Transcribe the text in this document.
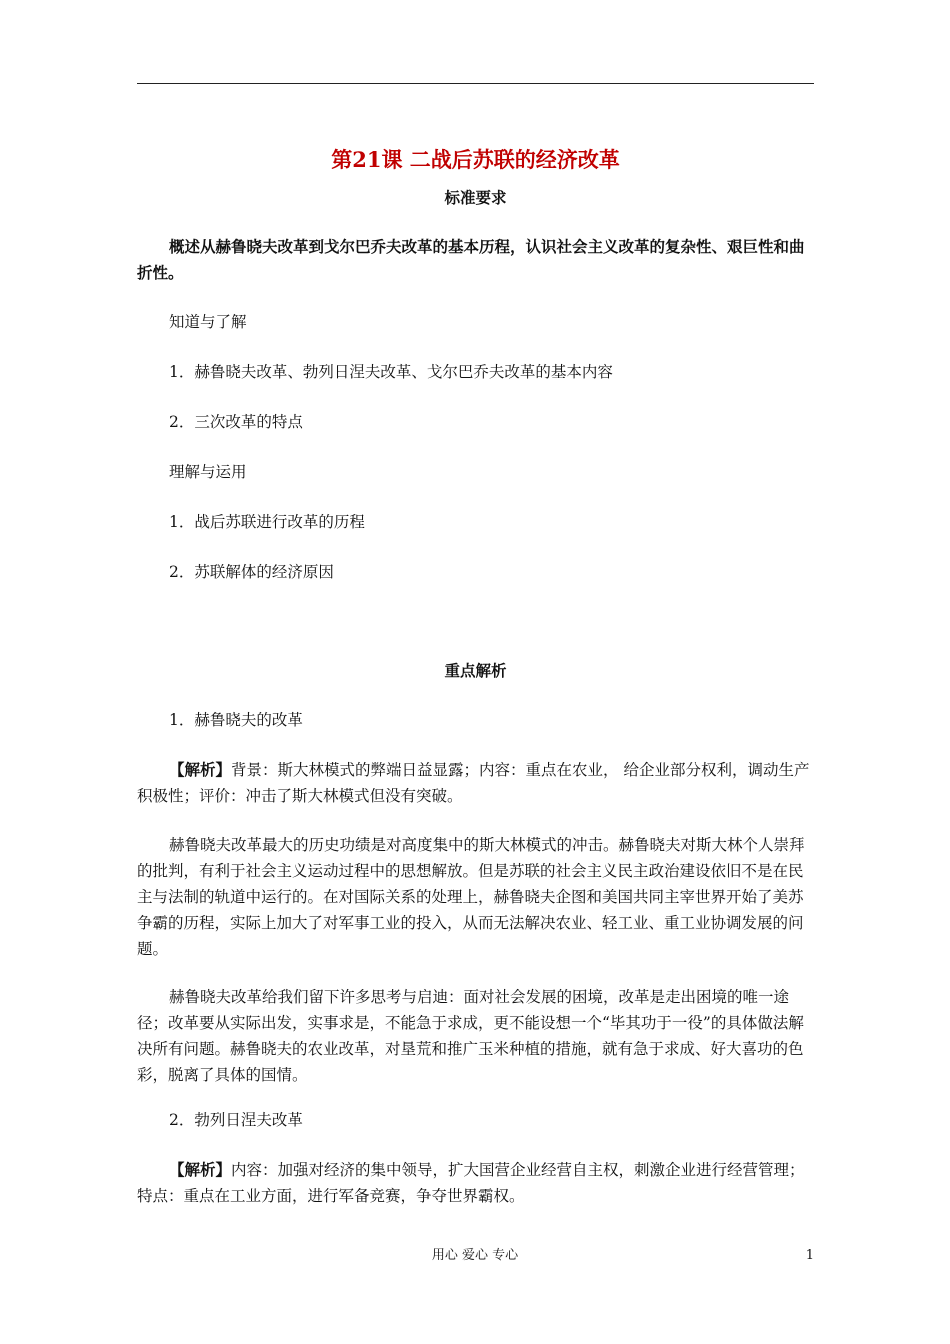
第21课 二战后苏联的经济改革
标准要求
概述从赫鲁晓夫改革到戈尔巴乔夫改革的基本历程，认识社会主义改革的复杂性、艰巨性和曲折性。
知道与了解
1．赫鲁晓夫改革、勃列日涅夫改革、戈尔巴乔夫改革的基本内容
2．三次改革的特点
理解与运用
1．战后苏联进行改革的历程
2．苏联解体的经济原因
重点解析
1．赫鲁晓夫的改革
【解析】背景：斯大林模式的弊端日益显露；内容：重点在农业， 给企业部分权利，调动生产积极性；评价：冲击了斯大林模式但没有突破。
赫鲁晓夫改革最大的历史功绩是对高度集中的斯大林模式的冲击。赫鲁晓夫对斯大林个人崇拜的批判，有利于社会主义运动过程中的思想解放。但是苏联的社会主义民主政治建设依旧不是在民主与法制的轨道中运行的。在对国际关系的处理上，赫鲁晓夫企图和美国共同主宰世界开始了美苏争霸的历程，实际上加大了对军事工业的投入，从而无法解决农业、轻工业、重工业协调发展的问题。
赫鲁晓夫改革给我们留下许多思考与启迪：面对社会发展的困境，改革是走出困境的唯一途径；改革要从实际出发，实事求是，不能急于求成，更不能设想一个“毕其功于一役”的具体做法解决所有问题。赫鲁晓夫的农业改革，对垦荒和推广玉米种植的措施，就有急于求成、好大喜功的色彩，脱离了具体的国情。
2．勃列日涅夫改革
【解析】内容：加强对经济的集中领导，扩大国营企业经营自主权，刺激企业进行经营管理；特点：重点在工业方面，进行军备竞赛，争夺世界霸权。
用心 爱心 专心	1
